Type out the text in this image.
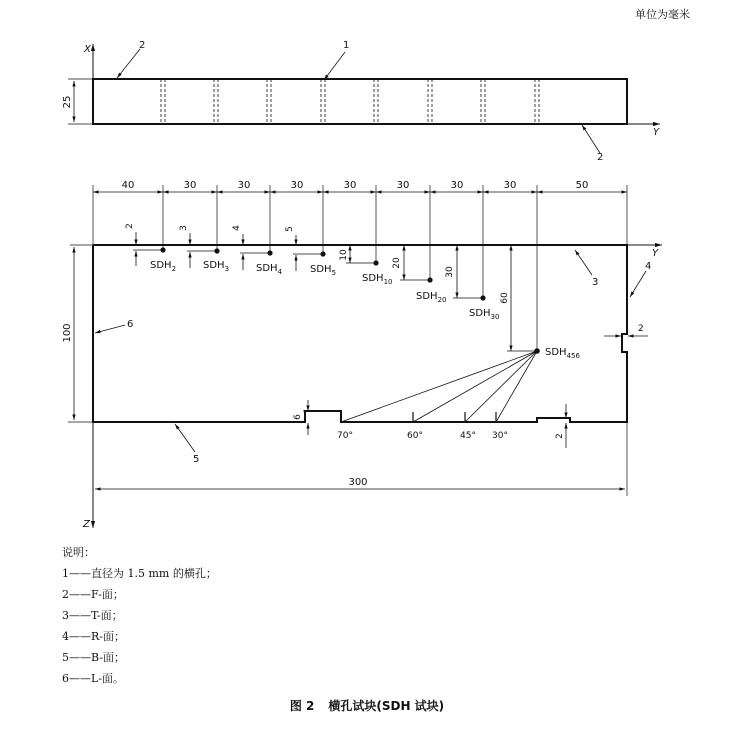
X
Y
25
1
2
2
Y
Z
40	30	30	30	30	30	30	30	50
2
$SDH_2$
3
$SDH_3$
4
$SDH_4$
5
$SDH_5$
10
$SDH_{10}$
20
$SDH_{20}$
30
$SDH_{30}$
60
$SDH_{456}$
70°	60°	45° 30°
6
2
2
100
300
3
4
5
6
单位为毫米
说明：
1——直径为 1.5 mm 的横孔；
2——F-面；
3——T-面；
4——R-面；
5——B-面；
6——L-面。
图 2 横孔试块(SDH 试块)
